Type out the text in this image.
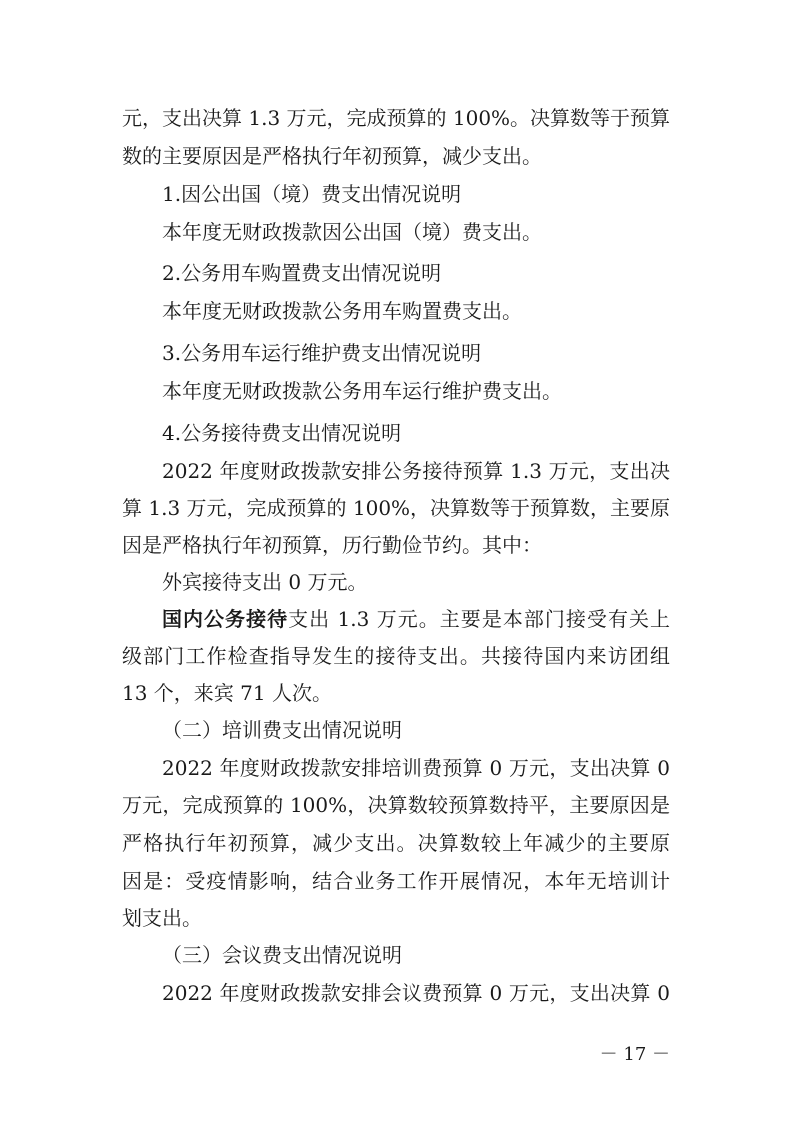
元，支出决算 1.3 万元，完成预算的 100%。决算数等于预算
数的主要原因是严格执行年初预算，减少支出。
1.因公出国（境）费支出情况说明
本年度无财政拨款因公出国（境）费支出。
2.公务用车购置费支出情况说明
本年度无财政拨款公务用车购置费支出。
3.公务用车运行维护费支出情况说明
本年度无财政拨款公务用车运行维护费支出。
4.公务接待费支出情况说明
2022 年度财政拨款安排公务接待预算 1.3 万元，支出决
算 1.3 万元，完成预算的 100%，决算数等于预算数，主要原
因是严格执行年初预算，历行勤俭节约。其中：
外宾接待支出 0 万元。
国内公务接待支出 1.3 万元。主要是本部门接受有关上
级部门工作检查指导发生的接待支出。共接待国内来访团组
13 个，来宾 71 人次。
（二）培训费支出情况说明
2022 年度财政拨款安排培训费预算 0 万元，支出决算 0
万元，完成预算的 100%，决算数较预算数持平，主要原因是
严格执行年初预算，减少支出。决算数较上年减少的主要原
因是：受疫情影响，结合业务工作开展情况，本年无培训计
划支出。
（三）会议费支出情况说明
2022 年度财政拨款安排会议费预算 0 万元，支出决算 0
－ 17 －
